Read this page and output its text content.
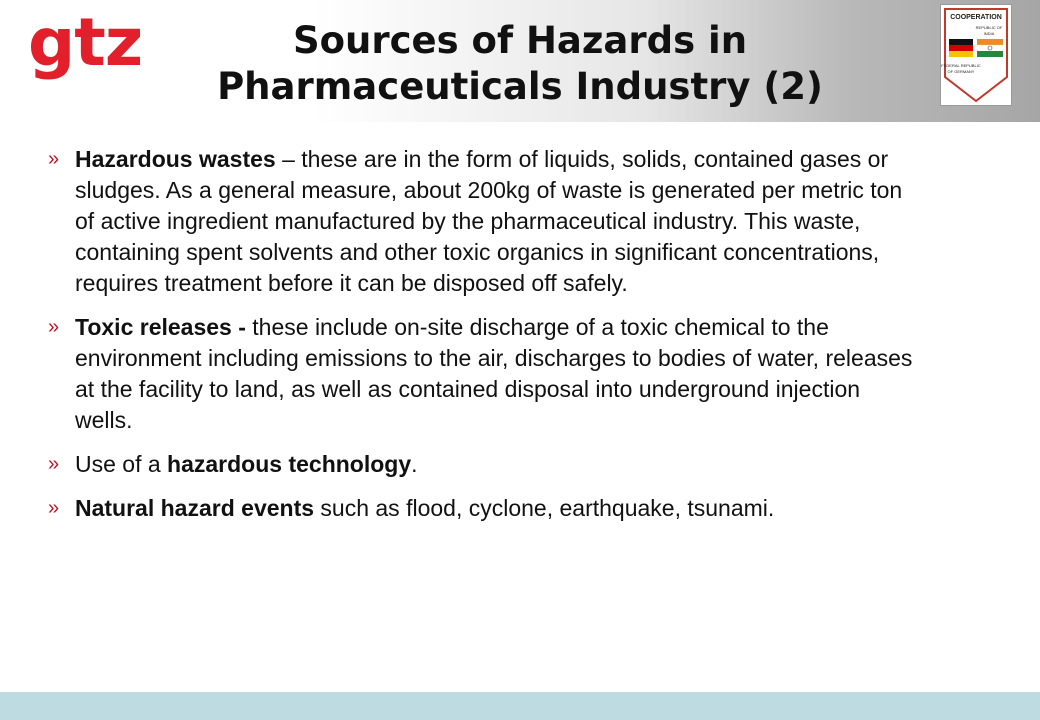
gtz	Sources of Hazards in
Pharmaceuticals Industry (2)
COOPERATION
REPUBLIC OF
INDIA
FEDERAL REPUBLIC
OF GERMANY
» Hazardous wastes – these are in the form of liquids, solids, contained gases or sludges. As a general measure, about 200kg of waste is generated per metric ton of active ingredient manufactured by the pharmaceutical industry. This waste, containing spent solvents and other toxic organics in significant concentrations, requires treatment before it can be disposed off safely.
» Toxic releases - these include on-site discharge of a toxic chemical to the environment including emissions to the air, discharges to bodies of water, releases at the facility to land, as well as contained disposal into underground injection wells.
» Use of a hazardous technology.
» Natural hazard events such as flood, cyclone, earthquake, tsunami.
